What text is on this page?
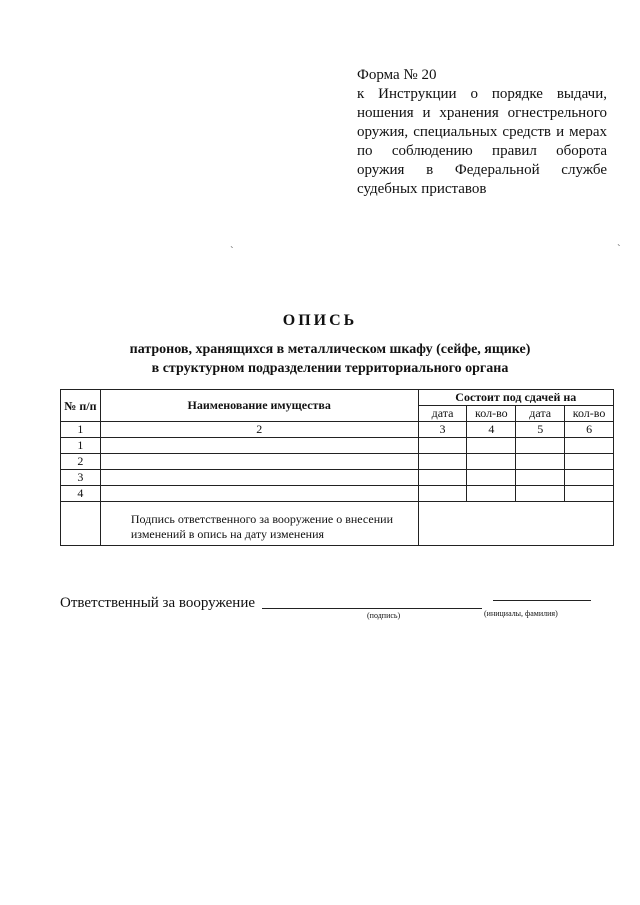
Форма № 20
к Инструкции о порядке выдачи, ношения и хранения огнестрельного оружия, специальных средств и мерах по соблюдению правил оборота оружия в Федеральной службе судебных приставов
ˋ	ˋ
ОПИСЬ
патронов, хранящихся в металлическом шкафу (сейфе, ящике)
в структурном подразделении территориального органа
№ п/п	Наименование имущества	Состоит под сдачей на			
		дата	кол-во	дата	кол-во
1	2	3	4	5	6
1					
2					
3					
4					
	Подпись ответственного за вооружение о внесении изменений в опись на дату изменения				
Ответственный за вооружение
(подпись)	(инициалы, фамилия)
